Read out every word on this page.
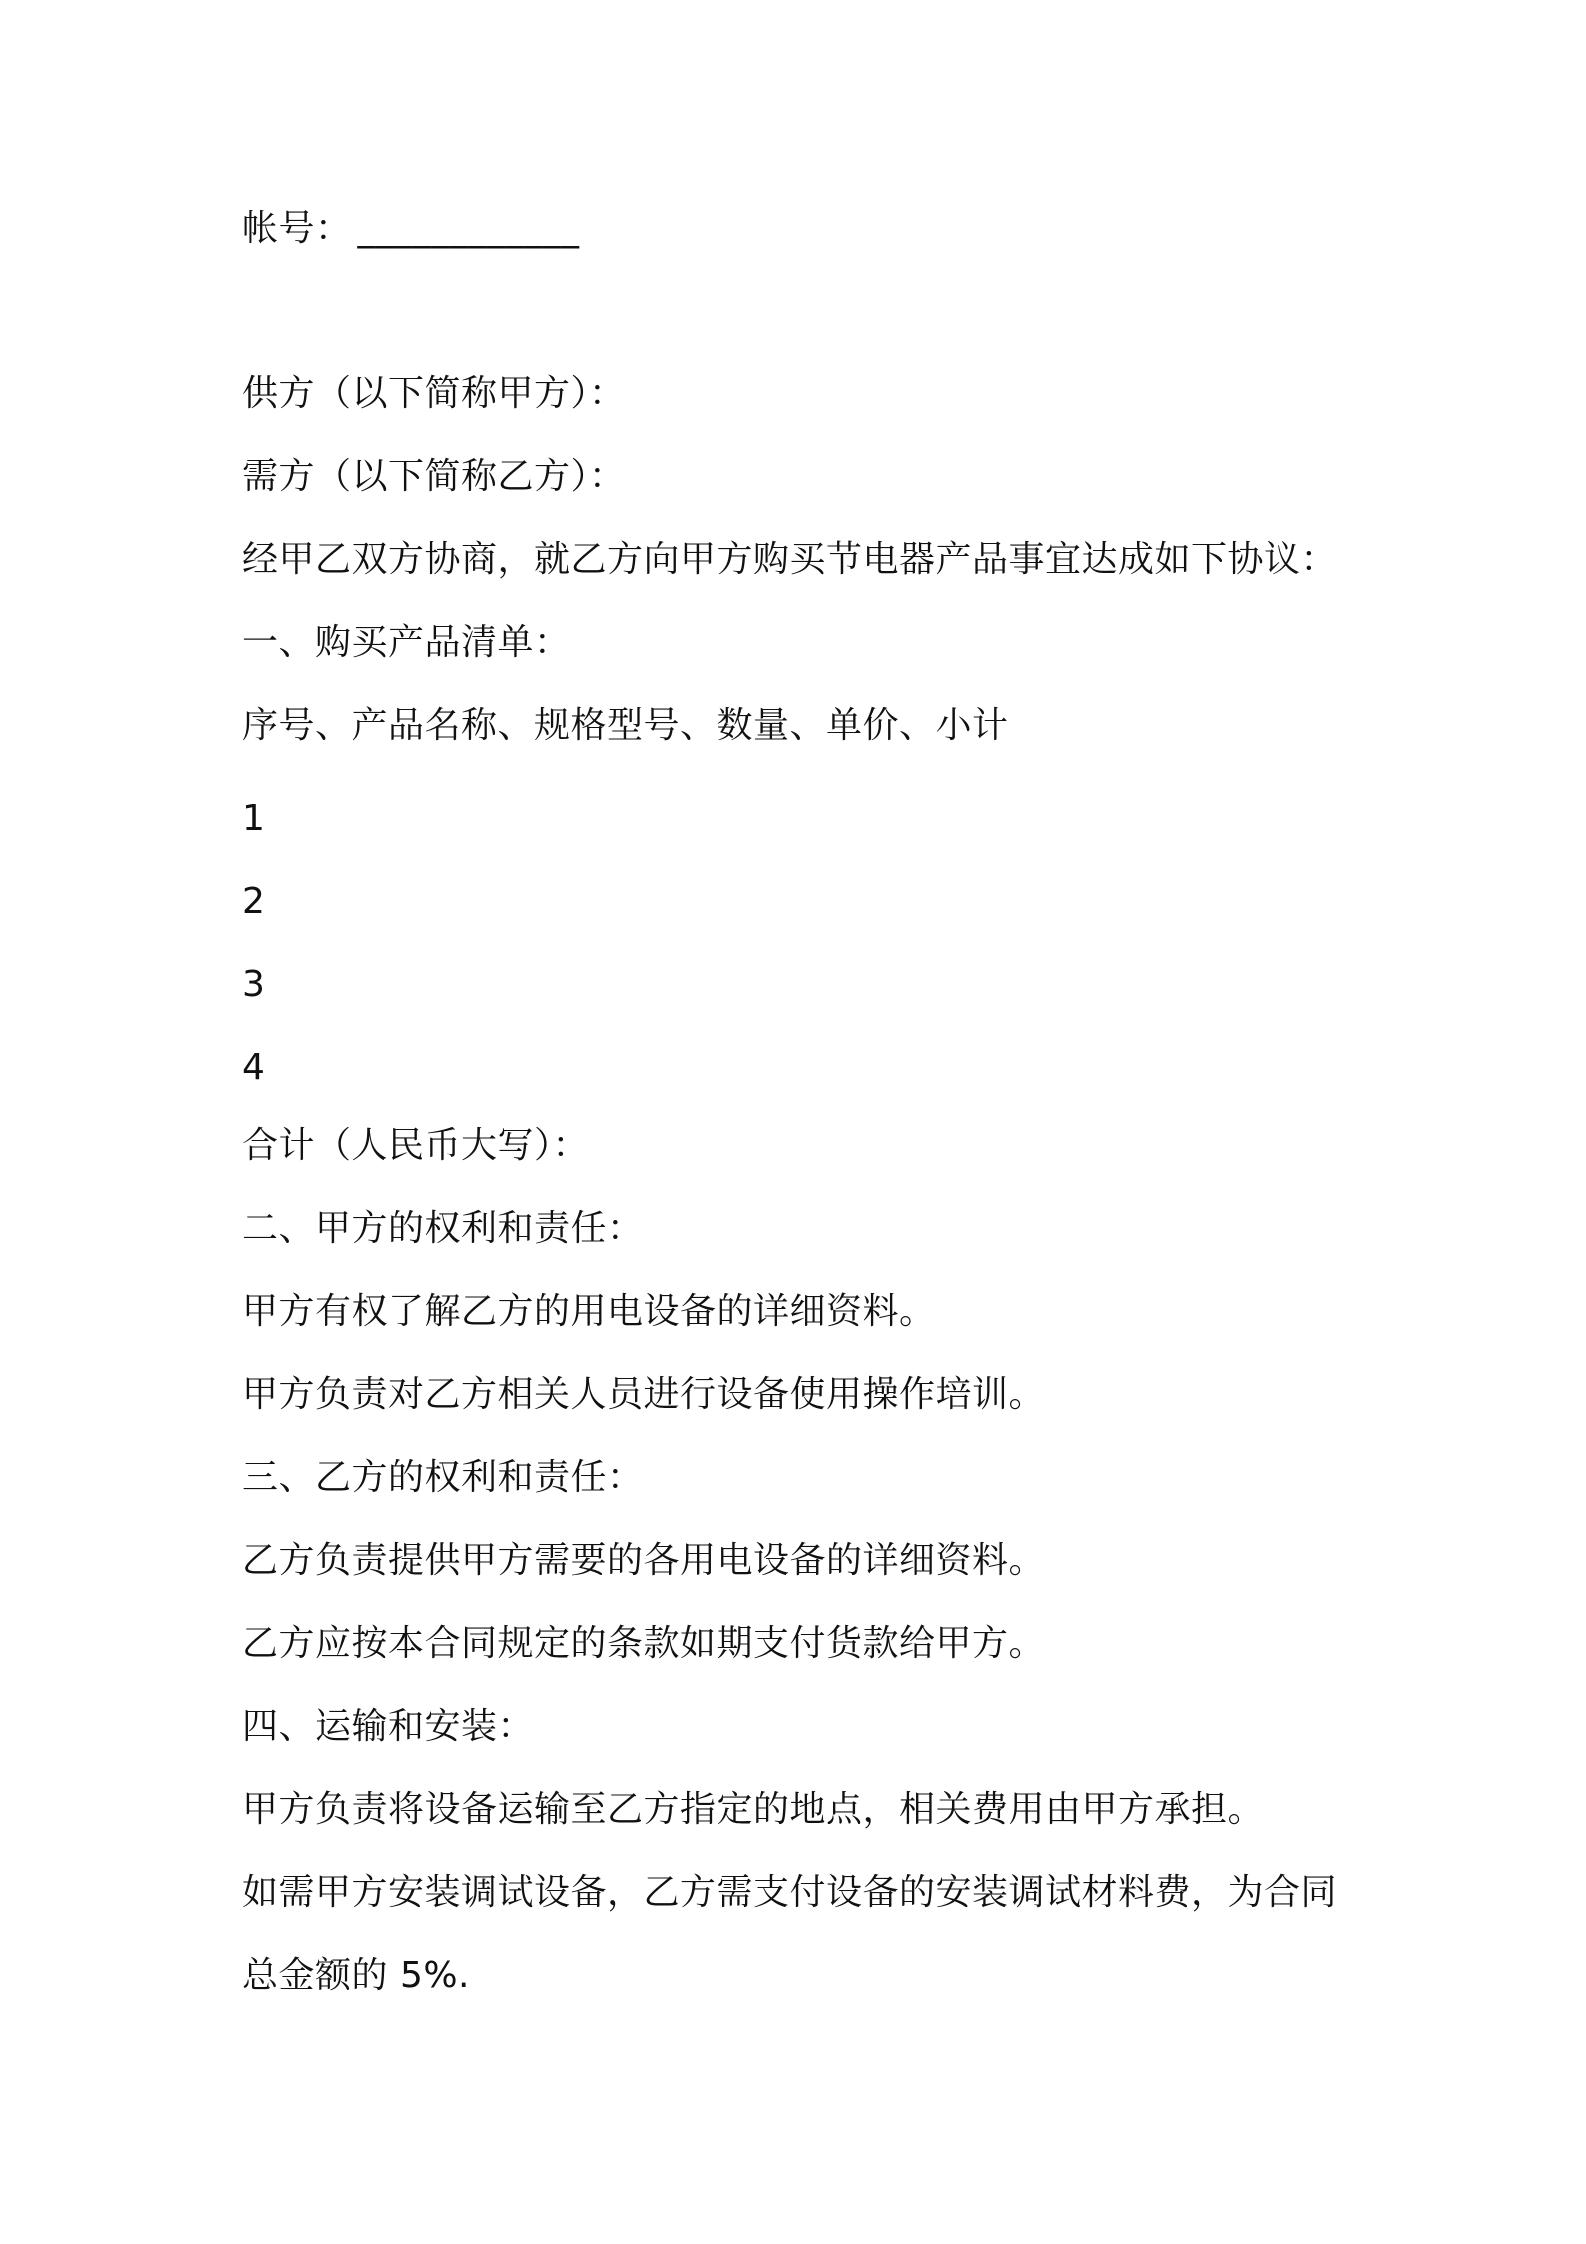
帐号： ____________
供方（以下简称甲方）：
需方（以下简称乙方）：
经甲乙双方协商，就乙方向甲方购买节电器产品事宜达成如下协议：
一、购买产品清单：
序号、产品名称、规格型号、数量、单价、小计
1
2
3
4
合计（人民币大写）：
二、甲方的权利和责任：
甲方有权了解乙方的用电设备的详细资料。
甲方负责对乙方相关人员进行设备使用操作培训。
三、乙方的权利和责任：
乙方负责提供甲方需要的各用电设备的详细资料。
乙方应按本合同规定的条款如期支付货款给甲方。
四、运输和安装：
甲方负责将设备运输至乙方指定的地点，相关费用由甲方承担。
如需甲方安装调试设备，乙方需支付设备的安装调试材料费，为合同
总金额的 5%.
